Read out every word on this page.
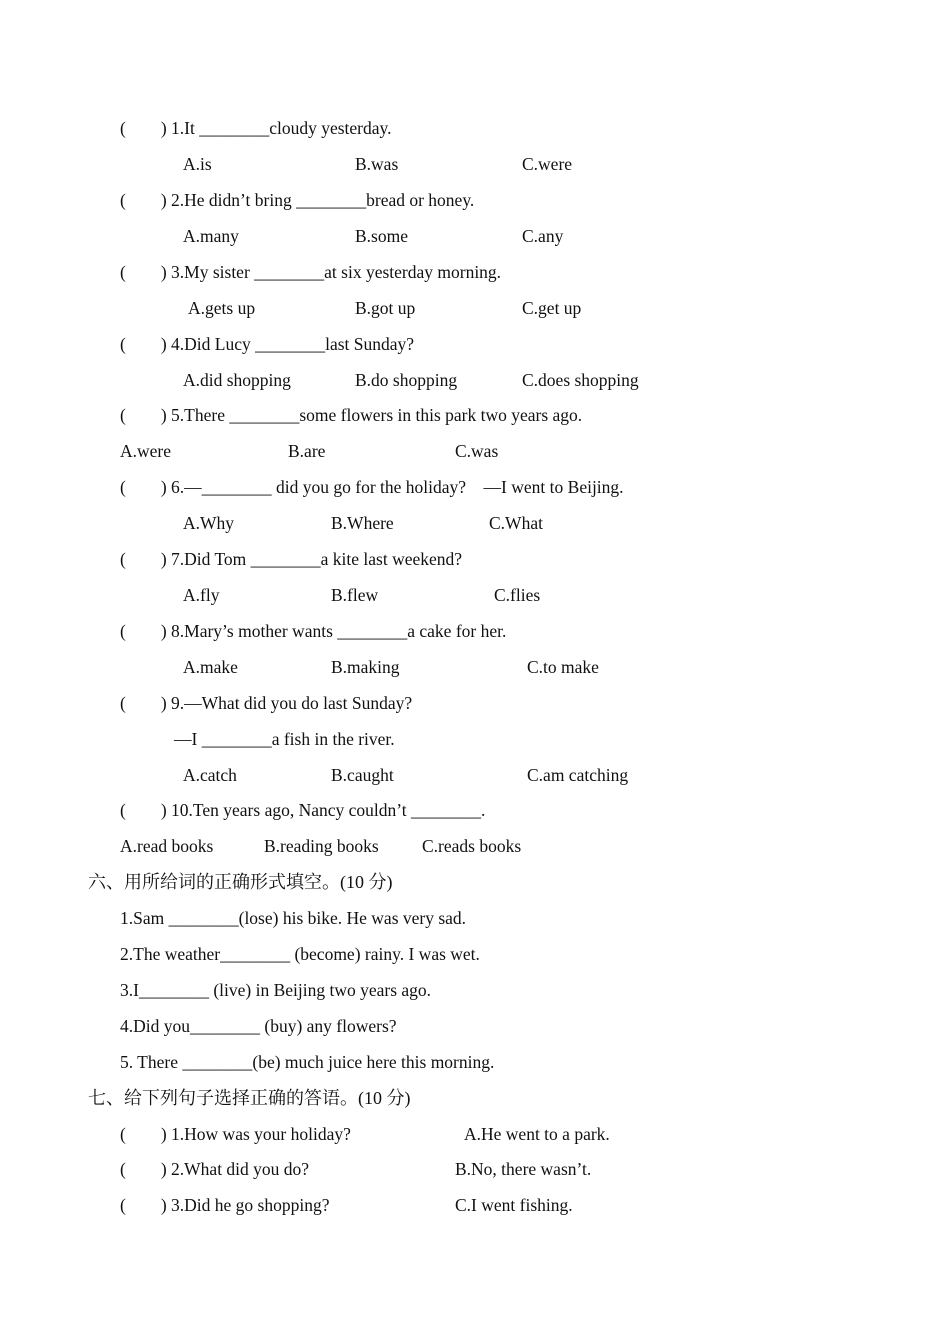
(        ) 1.It ________cloudy yesterday.
A.is	B.was	C.were
(        ) 2.He didn’t bring ________bread or honey.
A.many	B.some	C.any
(        ) 3.My sister ________at six yesterday morning.
A.gets up	B.got up	C.get up
(        ) 4.Did Lucy ________last Sunday?
A.did shopping	B.do shopping	C.does shopping
(        ) 5.There ________some flowers in this park two years ago.
A.were	B.are	C.was
(        ) 6.—________ did you go for the holiday?    —I went to Beijing.
A.Why	B.Where	C.What
(        ) 7.Did Tom ________a kite last weekend?
A.fly	B.flew	C.flies
(        ) 8.Mary’s mother wants ________a cake for her.
A.make	B.making	C.to make
(        ) 9.—What did you do last Sunday?
—I ________a fish in the river.
A.catch	B.caught	C.am catching
(        ) 10.Ten years ago, Nancy couldn’t ________.
A.read books	B.reading books C.reads books
六、用所给词的正确形式填空。(10 分)
1.Sam ________(lose) his bike. He was very sad.
2.The weather________ (become) rainy. I was wet.
3.I________ (live) in Beijing two years ago.
4.Did you________ (buy) any flowers?
5. There ________(be) much juice here this morning.
七、给下列句子选择正确的答语。(10 分)
(        ) 1.How was your holiday?	A.He went to a park.
(        ) 2.What did you do?	B.No, there wasn’t.
(        ) 3.Did he go shopping?	C.I went fishing.
